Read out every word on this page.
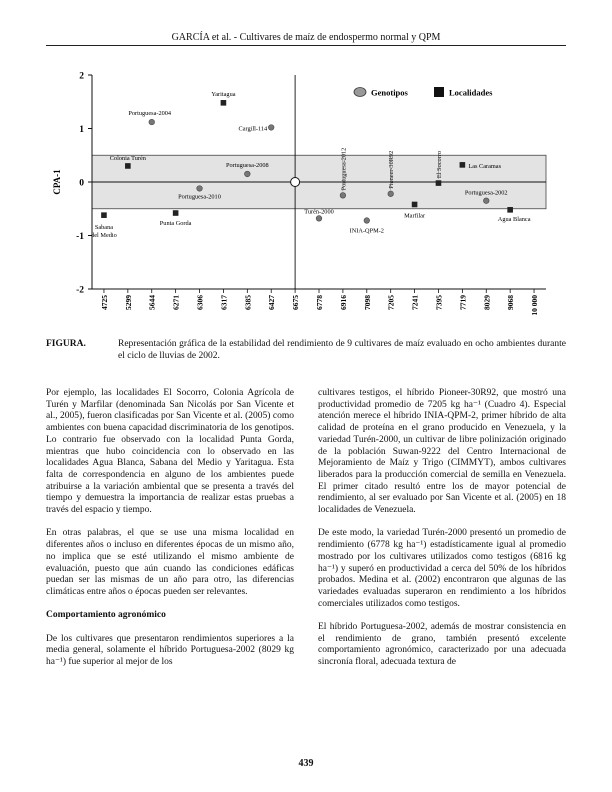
GARCÍA et al. - Cultivares de maíz de endospermo normal y QPM
2
1
0
-1
-2
CPA-1
4725 5299 5644 6271 6306 6317 6385 6427 6675 6778 6916 7098 7205 7241 7395 7719 8029 9068 10 000
Portuguesa-2004
Cargill-114
Portuguesa-2008
Portuguesa-2010
Turén-2000
INIA-QPM-2
Portuguesa-2012	Pioneer-30R92
Portuguesa-2002
Yaritagua
Colonia Turén
Las Caramas
El Socorro
Marfilar	Agua Blanca
Punta Gorda
Sabana
del Medio
Genotipos	Localidades
FIGURA.	Representación gráfica de la estabilidad del rendimiento de 9 cultivares de maíz evaluado en ocho ambientes durante el ciclo de lluvias de 2002.

Por ejemplo, las localidades El Socorro, Colonia Agrícola de Turén y Marfilar (denominada San Nicolás por San Vicente et al., 2005), fueron clasificadas por San Vicente et al. (2005) como ambientes con buena capacidad discriminatoria de los genotipos. Lo contrario fue observado con la localidad Punta Gorda, mientras que hubo coincidencia con lo observado en las localidades Agua Blanca, Sabana del Medio y Yaritagua. Esta falta de correspondencia en alguno de los ambientes puede atribuirse a la variación ambiental que se presenta a través del tiempo y demuestra la importancia de realizar estas pruebas a través del espacio y tiempo.

En otras palabras, el que se use una misma localidad en diferentes años o incluso en diferentes épocas de un mismo año, no implica que se esté utilizando el mismo ambiente de evaluación, puesto que aún cuando las condiciones edáficas puedan ser las mismas de un año para otro, las diferencias climáticas entre años o épocas pueden ser relevantes.

Comportamiento agronómico

De los cultivares que presentaron rendimientos superiores a la media general, solamente el híbrido Portuguesa-2002 (8029 kg ha⁻¹) fue superior al mejor de los

cultivares testigos, el híbrido Pioneer-30R92, que mostró una productividad promedio de 7205 kg ha⁻¹ (Cuadro 4). Especial atención merece el híbrido INIA-QPM-2, primer híbrido de alta calidad de proteína en el grano producido en Venezuela, y la variedad Turén-2000, un cultivar de libre polinización originado de la población Suwan-9222 del Centro Internacional de Mejoramiento de Maíz y Trigo (CIMMYT), ambos cultivares liberados para la producción comercial de semilla en Venezuela. El primer citado resultó entre los de mayor potencial de rendimiento, al ser evaluado por San Vicente et al. (2005) en 18 localidades de Venezuela.

De este modo, la variedad Turén-2000 presentó un promedio de rendimiento (6778 kg ha⁻¹) estadísticamente igual al promedio mostrado por los cultivares utilizados como testigos (6816 kg ha⁻¹) y superó en productividad a cerca del 50% de los híbridos probados. Medina et al. (2002) encontraron que algunas de las variedades evaluadas superaron en rendimiento a los híbridos comerciales utilizados como testigos.

El híbrido Portuguesa-2002, además de mostrar consistencia en el rendimiento de grano, también presentó excelente comportamiento agronómico, caracterizado por una adecuada sincronía floral, adecuada textura de

439
